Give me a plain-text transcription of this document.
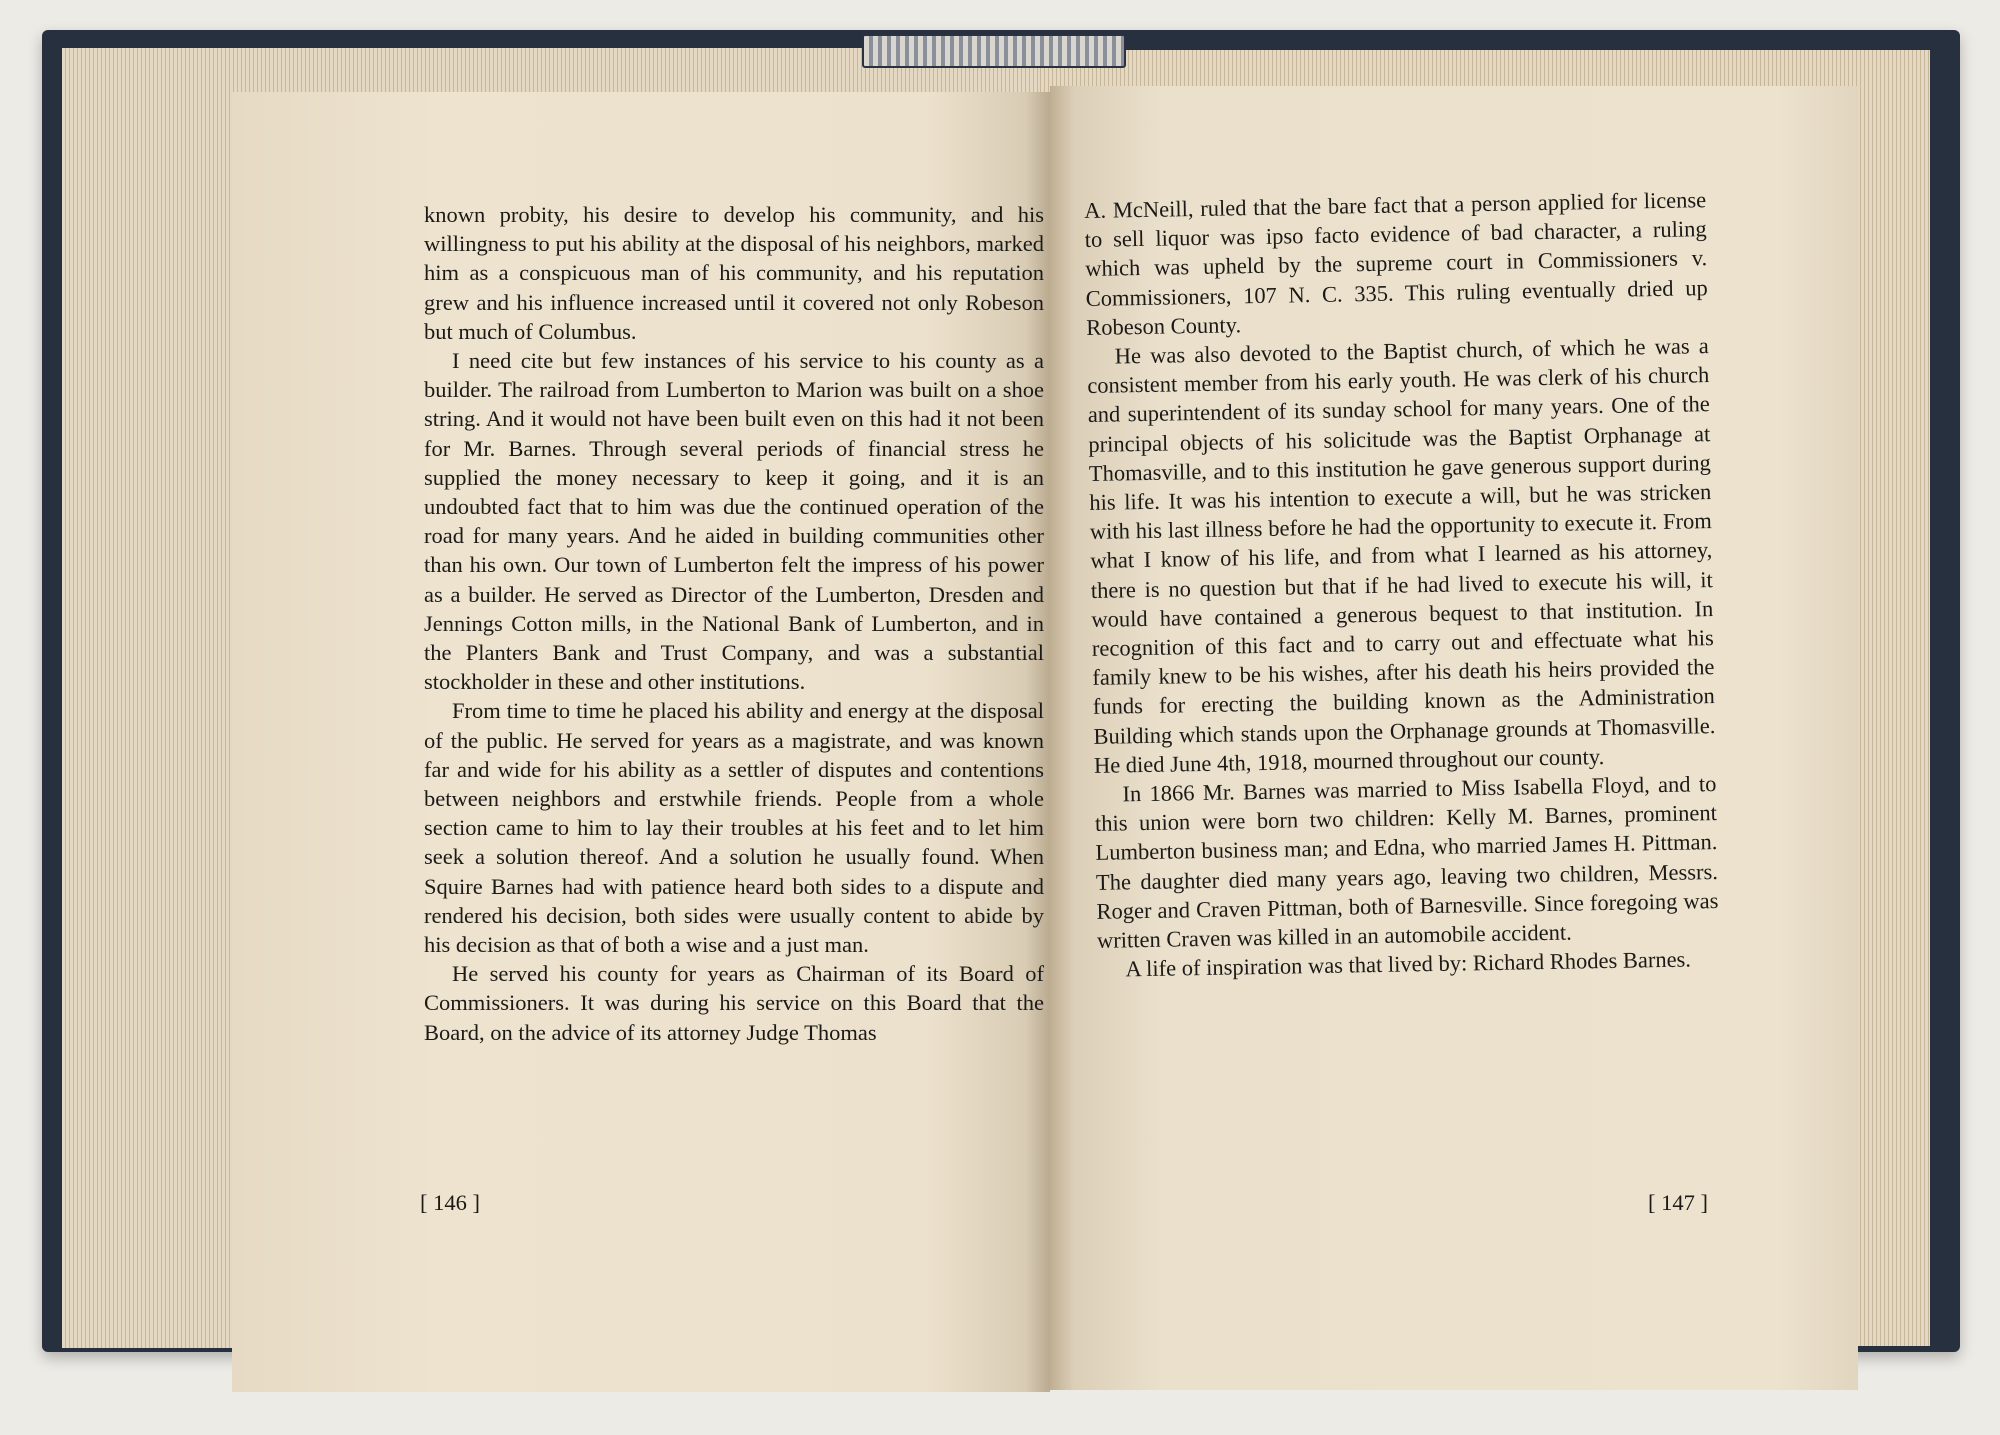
known probity, his desire to develop his community, and his willingness to put his ability at the disposal of his neighbors, marked him as a conspicuous man of his community, and his reputation grew and his influence increased until it covered not only Robeson but much of Columbus.

I need cite but few instances of his service to his county as a builder. The railroad from Lumberton to Marion was built on a shoe string. And it would not have been built even on this had it not been for Mr. Barnes. Through several periods of financial stress he supplied the money necessary to keep it going, and it is an undoubted fact that to him was due the continued operation of the road for many years. And he aided in building communities other than his own. Our town of Lumberton felt the impress of his power as a builder. He served as Director of the Lumberton, Dresden and Jennings Cotton mills, in the National Bank of Lumberton, and in the Planters Bank and Trust Company, and was a substantial stockholder in these and other institutions.

From time to time he placed his ability and energy at the disposal of the public. He served for years as a magistrate, and was known far and wide for his ability as a settler of disputes and contentions between neighbors and erstwhile friends. People from a whole section came to him to lay their troubles at his feet and to let him seek a solution thereof. And a solution he usually found. When Squire Barnes had with patience heard both sides to a dispute and rendered his decision, both sides were usually content to abide by his decision as that of both a wise and a just man.

He served his county for years as Chairman of its Board of Commissioners. It was during his service on this Board that the Board, on the advice of its attorney Judge Thomas

[ 146 ]

A. McNeill, ruled that the bare fact that a person applied for license to sell liquor was ipso facto evidence of bad character, a ruling which was upheld by the supreme court in Commissioners v. Commissioners, 107 N. C. 335. This ruling eventually dried up Robeson County.

He was also devoted to the Baptist church, of which he was a consistent member from his early youth. He was clerk of his church and superintendent of its sunday school for many years. One of the principal objects of his solicitude was the Baptist Orphanage at Thomasville, and to this institution he gave generous support during his life. It was his intention to execute a will, but he was stricken with his last illness before he had the opportunity to execute it. From what I know of his life, and from what I learned as his attorney, there is no question but that if he had lived to execute his will, it would have contained a generous bequest to that institution. In recognition of this fact and to carry out and effectuate what his family knew to be his wishes, after his death his heirs provided the funds for erecting the building known as the Administration Building which stands upon the Orphanage grounds at Thomasville. He died June 4th, 1918, mourned throughout our county.

In 1866 Mr. Barnes was married to Miss Isabella Floyd, and to this union were born two children: Kelly M. Barnes, prominent Lumberton business man; and Edna, who married James H. Pittman. The daughter died many years ago, leaving two children, Messrs. Roger and Craven Pittman, both of Barnesville. Since foregoing was written Craven was killed in an automobile accident.

A life of inspiration was that lived by: Richard Rhodes Barnes.

[ 147 ]
